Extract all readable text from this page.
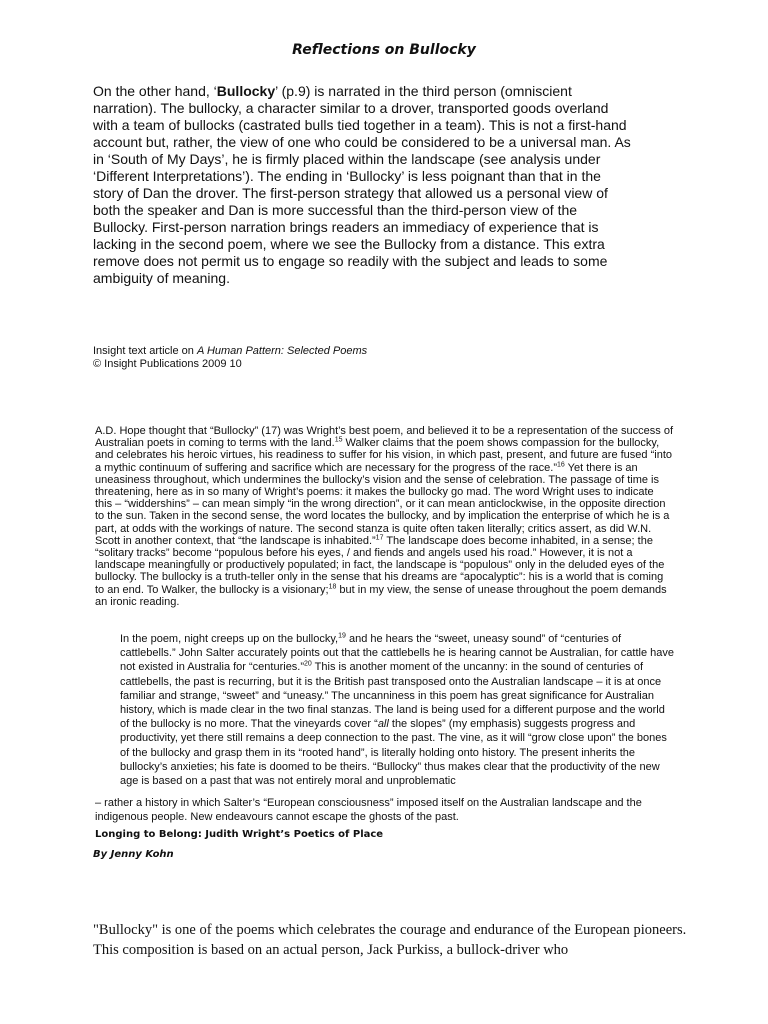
Reflections on Bullocky

On the other hand, ‘Bullocky’ (p.9) is narrated in the third person (omniscient narration). The bullocky, a character similar to a drover, transported goods overland with a team of bullocks (castrated bulls tied together in a team). This is not a first-hand account but, rather, the view of one who could be considered to be a universal man. As in ‘South of My Days’, he is firmly placed within the landscape (see analysis under ‘Different Interpretations’). The ending in ‘Bullocky’ is less poignant than that in the story of Dan the drover. The first-person strategy that allowed us a personal view of both the speaker and Dan is more successful than the third-person view of the Bullocky. First-person narration brings readers an immediacy of experience that is lacking in the second poem, where we see the Bullocky from a distance. This extra remove does not permit us to engage so readily with the subject and leads to some ambiguity of meaning.

Insight text article on A Human Pattern: Selected Poems

© Insight Publications 2009 10

A.D. Hope thought that “Bullocky” (17) was Wright’s best poem, and believed it to be a representation of the success of Australian poets in coming to terms with the land.$^{15}$ Walker claims that the poem shows compassion for the bullocky, and celebrates his heroic virtues, his readiness to suffer for his vision, in which past, present, and future are fused “into a mythic continuum of suffering and sacrifice which are necessary for the progress of the race.”$^{16}$ Yet there is an uneasiness throughout, which undermines the bullocky’s vision and the sense of celebration. The passage of time is threatening, here as in so many of Wright’s poems: it makes the bullocky go mad. The word Wright uses to indicate this – “widdershins” – can mean simply “in the wrong direction”, or it can mean anticlockwise, in the opposite direction to the sun. Taken in the second sense, the word locates the bullocky, and by implication the enterprise of which he is a part, at odds with the workings of nature. The second stanza is quite often taken literally; critics assert, as did W.N. Scott in another context, that “the landscape is inhabited.”$^{17}$ The landscape does become inhabited, in a sense; the “solitary tracks” become “populous before his eyes, / and fiends and angels used his road.” However, it is not a landscape meaningfully or productively populated; in fact, the landscape is “populous” only in the deluded eyes of the bullocky. The bullocky is a truth-teller only in the sense that his dreams are “apocalyptic”: his is a world that is coming to an end. To Walker, the bullocky is a visionary;$^{18}$ but in my view, the sense of unease throughout the poem demands an ironic reading.

In the poem, night creeps up on the bullocky,$^{19}$ and he hears the “sweet, uneasy sound” of “centuries of cattlebells.” John Salter accurately points out that the cattlebells he is hearing cannot be Australian, for cattle have not existed in Australia for “centuries.”$^{20}$ This is another moment of the uncanny: in the sound of centuries of cattlebells, the past is recurring, but it is the British past transposed onto the Australian landscape – it is at once familiar and strange, “sweet” and “uneasy.” The uncanniness in this poem has great significance for Australian history, which is made clear in the two final stanzas. The land is being used for a different purpose and the world of the bullocky is no more. That the vineyards cover “all the slopes” (my emphasis) suggests progress and productivity, yet there still remains a deep connection to the past. The vine, as it will “grow close upon” the bones of the bullocky and grasp them in its “rooted hand”, is literally holding onto history. The present inherits the bullocky’s anxieties; his fate is doomed to be theirs. “Bullocky” thus makes clear that the productivity of the new age is based on a past that was not entirely moral and unproblematic

– rather a history in which Salter’s “European consciousness” imposed itself on the Australian landscape and the indigenous people. New endeavours cannot escape the ghosts of the past.

Longing to Belong: Judith Wright’s Poetics of Place
By Jenny Kohn

"Bullocky" is one of the poems which celebrates the courage and endurance of the European pioneers. This composition is based on an actual person, Jack Purkiss, a bullock-driver who
